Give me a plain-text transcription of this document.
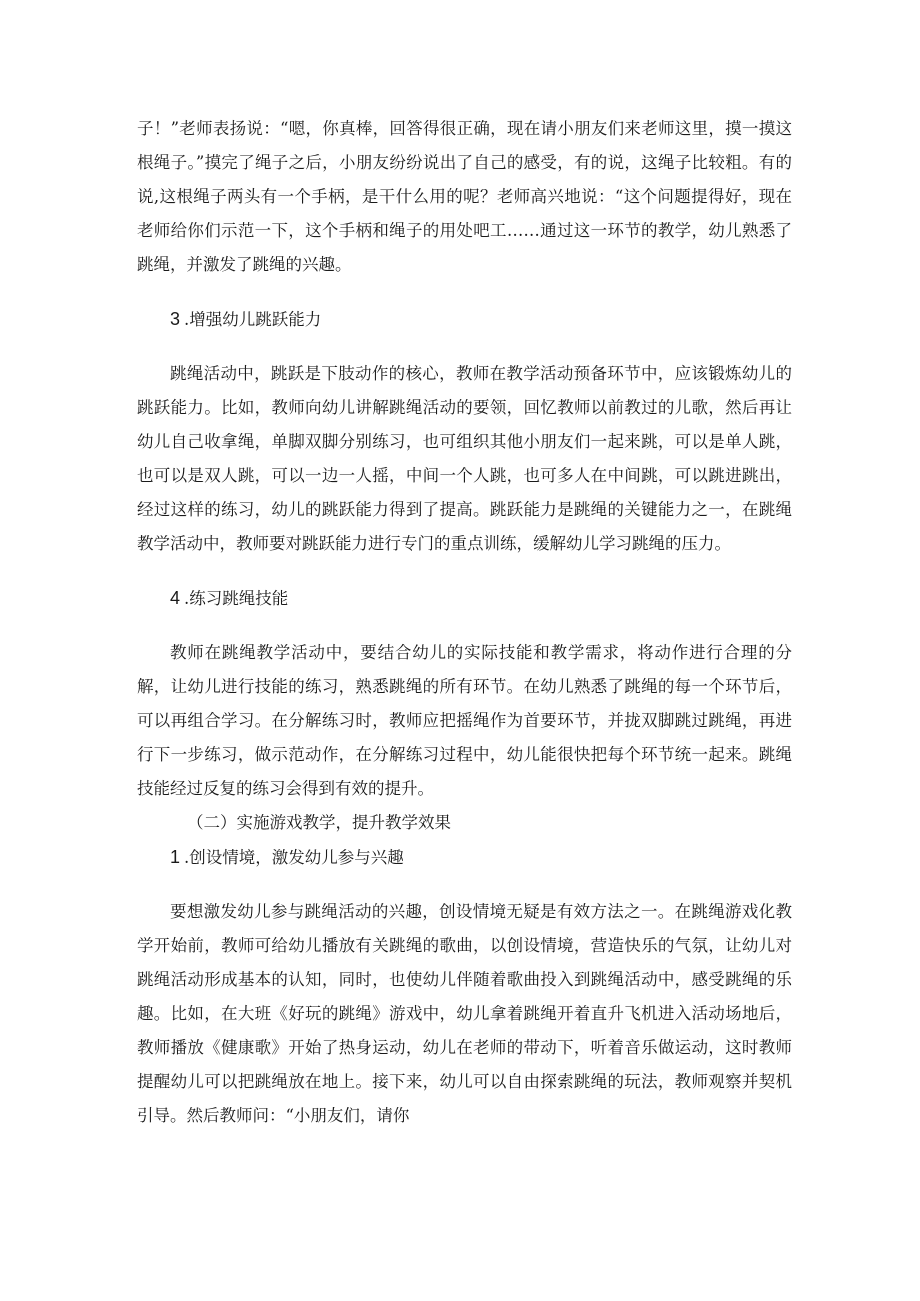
子！”老师表扬说：“嗯，你真棒，回答得很正确，现在请小朋友们来老师这里，摸一摸这根绳子。”摸完了绳子之后，小朋友纷纷说出了自己的感受，有的说，这绳子比较粗。有的说,这根绳子两头有一个手柄，是干什么用的呢？老师高兴地说：“这个问题提得好，现在老师给你们示范一下，这个手柄和绳子的用处吧工……通过这一环节的教学，幼儿熟悉了跳绳，并激发了跳绳的兴趣。

3 .增强幼儿跳跃能力

跳绳活动中，跳跃是下肢动作的核心，教师在教学活动预备环节中，应该锻炼幼儿的跳跃能力。比如，教师向幼儿讲解跳绳活动的要领，回忆教师以前教过的儿歌，然后再让幼儿自己收拿绳，单脚双脚分别练习，也可组织其他小朋友们一起来跳，可以是单人跳，也可以是双人跳，可以一边一人摇，中间一个人跳，也可多人在中间跳，可以跳进跳出，经过这样的练习，幼儿的跳跃能力得到了提高。跳跃能力是跳绳的关键能力之一，在跳绳教学活动中，教师要对跳跃能力进行专门的重点训练，缓解幼儿学习跳绳的压力。

4 .练习跳绳技能

教师在跳绳教学活动中，要结合幼儿的实际技能和教学需求，将动作进行合理的分解，让幼儿进行技能的练习，熟悉跳绳的所有环节。在幼儿熟悉了跳绳的每一个环节后，可以再组合学习。在分解练习时，教师应把摇绳作为首要环节，并拢双脚跳过跳绳，再进行下一步练习，做示范动作，在分解练习过程中，幼儿能很快把每个环节统一起来。跳绳技能经过反复的练习会得到有效的提升。

（二）实施游戏教学，提升教学效果

1 .创设情境，激发幼儿参与兴趣

要想激发幼儿参与跳绳活动的兴趣，创设情境无疑是有效方法之一。在跳绳游戏化教学开始前，教师可给幼儿播放有关跳绳的歌曲，以创设情境，营造快乐的气氛，让幼儿对跳绳活动形成基本的认知，同时，也使幼儿伴随着歌曲投入到跳绳活动中，感受跳绳的乐趣。比如，在大班《好玩的跳绳》游戏中，幼儿拿着跳绳开着直升飞机进入活动场地后，教师播放《健康歌》开始了热身运动，幼儿在老师的带动下，听着音乐做运动，这时教师提醒幼儿可以把跳绳放在地上。接下来，幼儿可以自由探索跳绳的玩法，教师观察并契机引导。然后教师问：“小朋友们，请你
